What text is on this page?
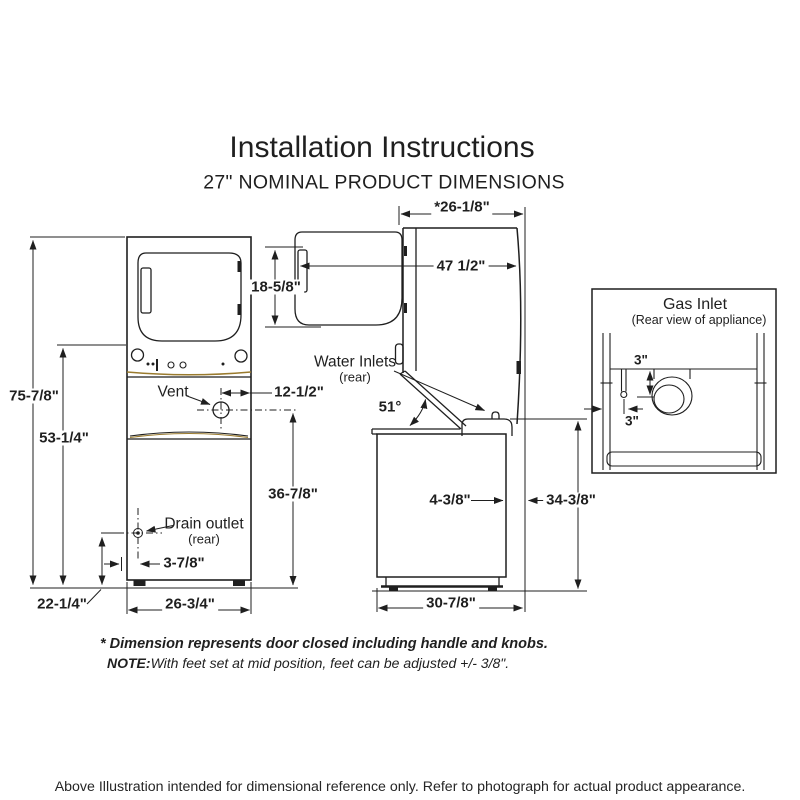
Installation Instructions
27" NOMINAL PRODUCT DIMENSIONS
*26-1/8"
47 1/2"
18-5/8"
75-7/8"
53-1/4"
12-1/2"
36-7/8"	4-3/8"	34-3/8"
3-7/8"
22-1/4"	26-3/4"	30-7/8"
51°
3"
3"
Vent
Water Inlets
(rear)
Drain outlet
(rear)
Gas Inlet
(Rear view of appliance)
* Dimension represents door closed including handle and knobs.
NOTE:With feet set at mid position, feet can be adjusted +/- 3/8".
Above Illustration intended for dimensional reference only. Refer to photograph for actual product appearance.
